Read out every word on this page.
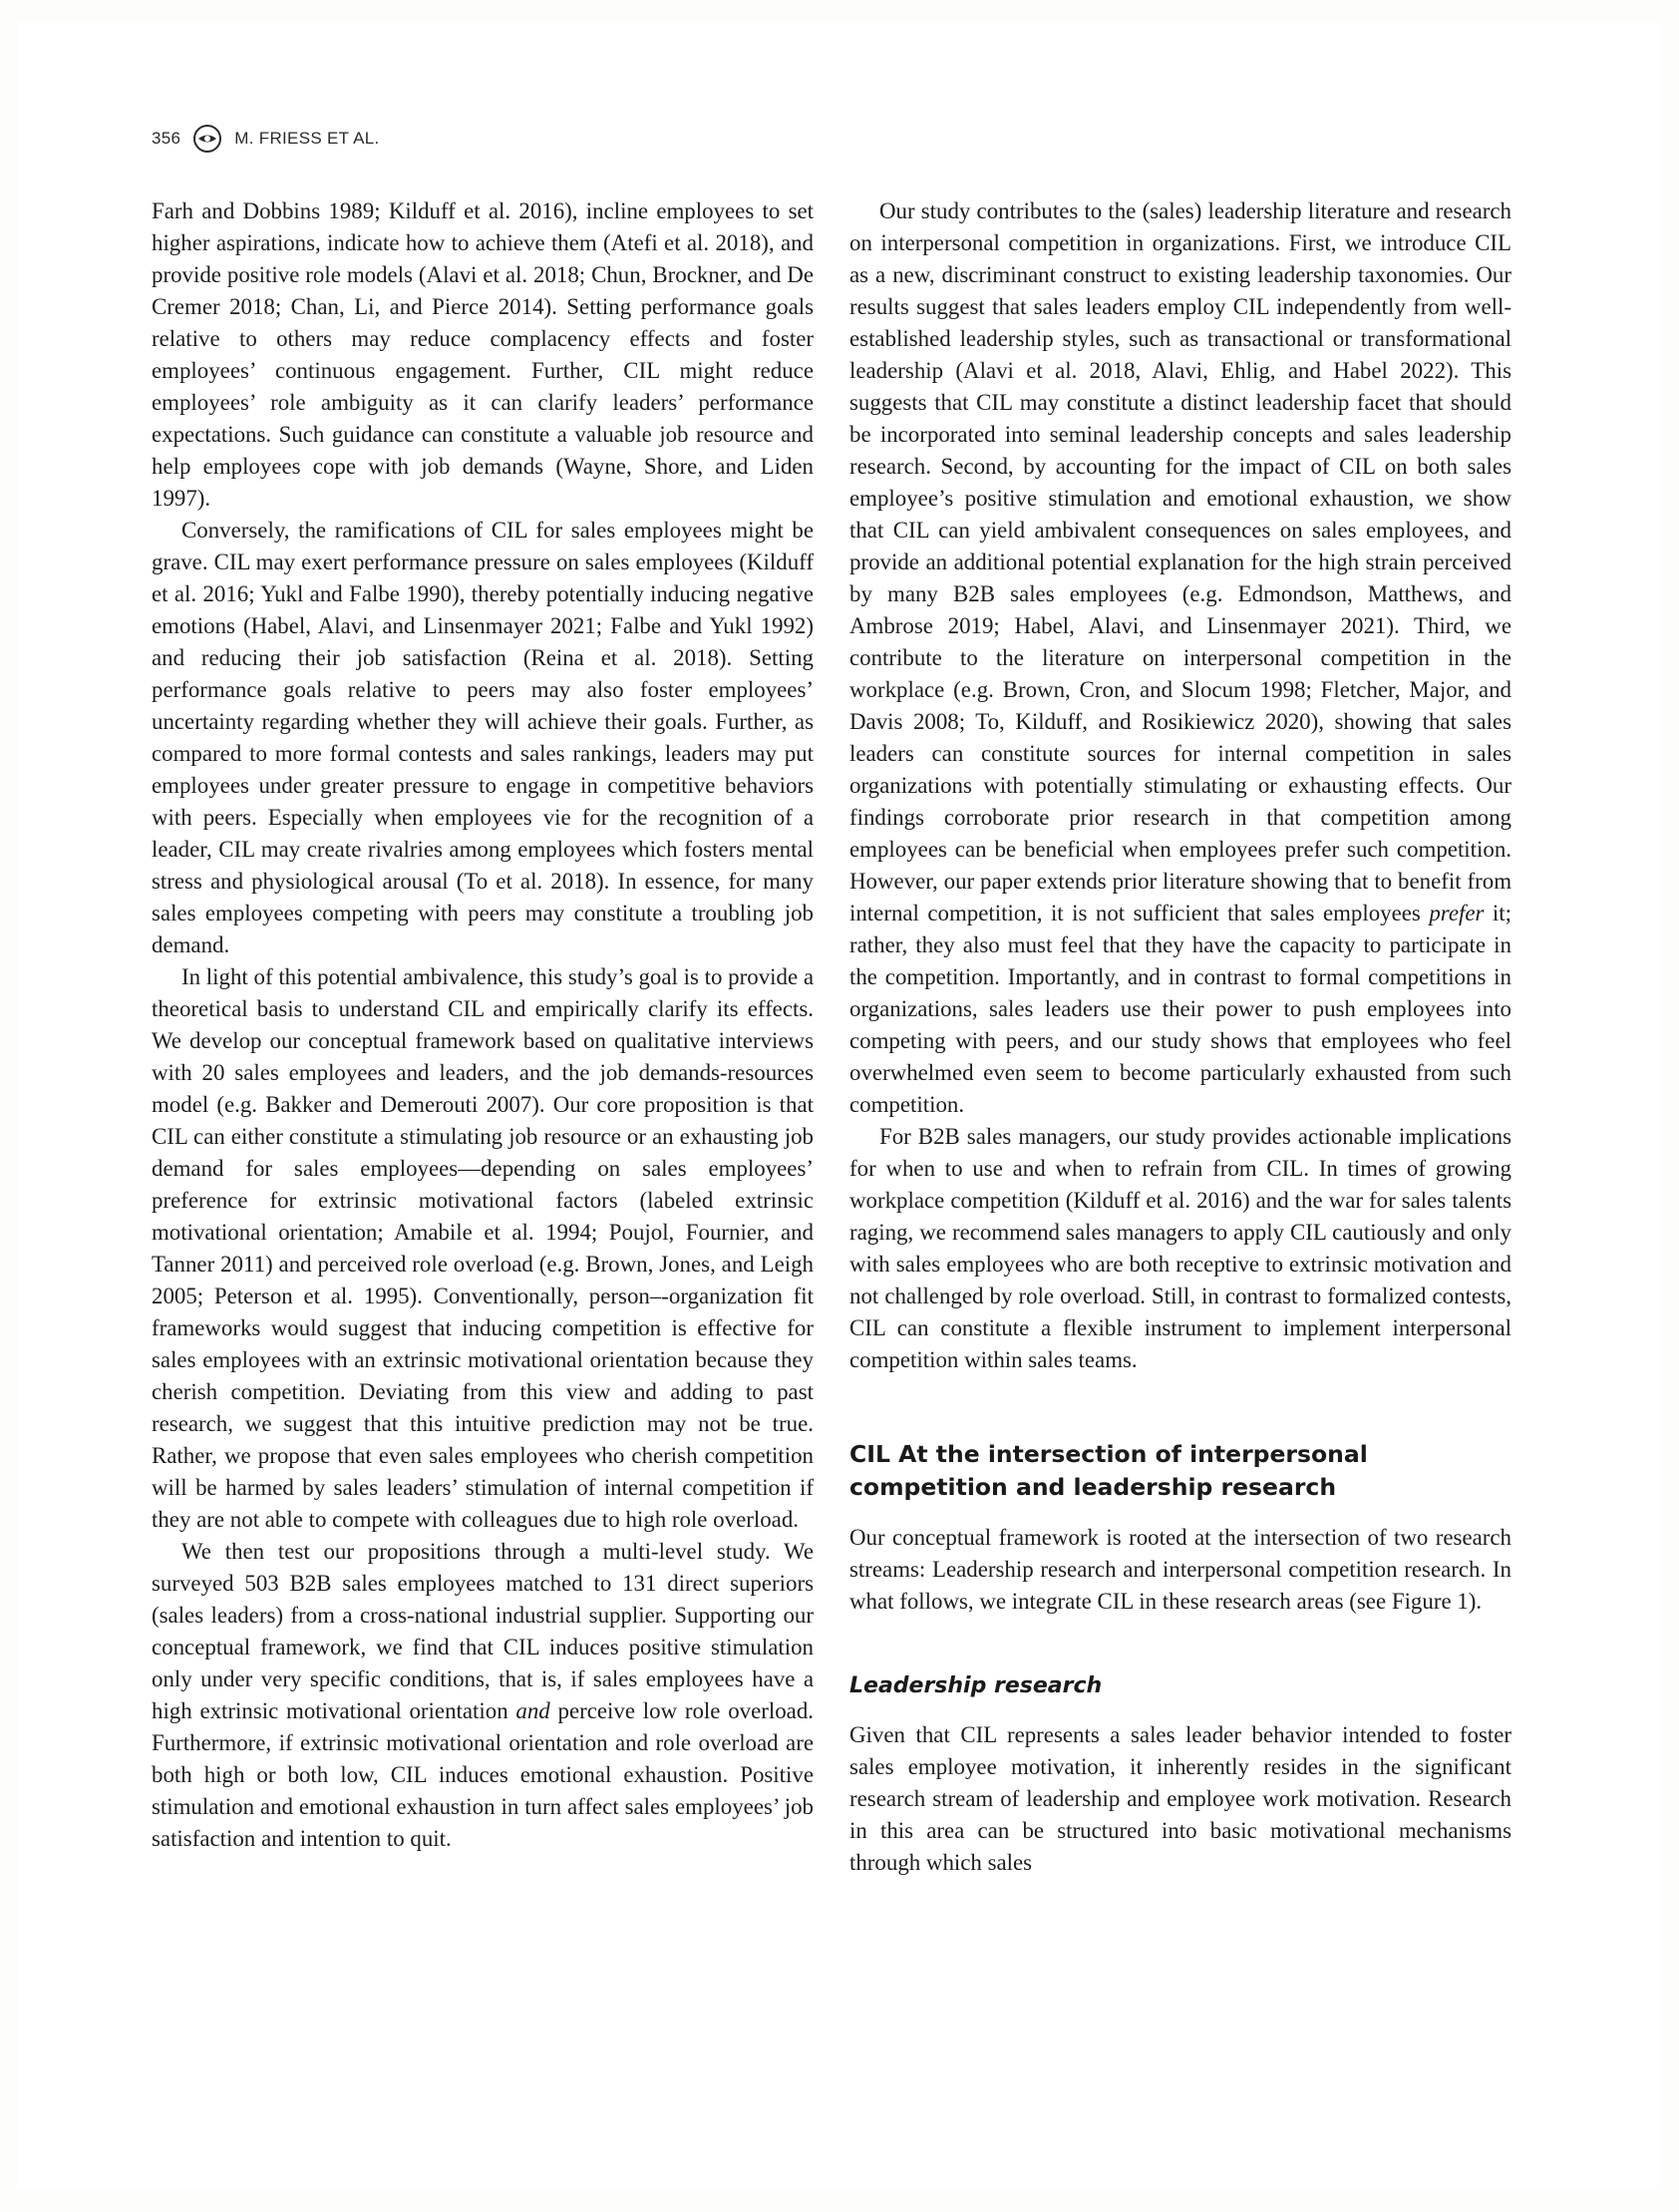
356	M. FRIESS ET AL.

Farh and Dobbins 1989; Kilduff et al. 2016), incline employees to set higher aspirations, indicate how to achieve them (Atefi et al. 2018), and provide positive role models (Alavi et al. 2018; Chun, Brockner, and De Cremer 2018; Chan, Li, and Pierce 2014). Setting performance goals relative to others may reduce complacency effects and foster employees’ continuous engagement. Further, CIL might reduce employees’ role ambiguity as it can clarify leaders’ performance expectations. Such guidance can constitute a valuable job resource and help employees cope with job demands (Wayne, Shore, and Liden 1997).

Conversely, the ramifications of CIL for sales employees might be grave. CIL may exert performance pressure on sales employees (Kilduff et al. 2016; Yukl and Falbe 1990), thereby potentially inducing negative emotions (Habel, Alavi, and Linsenmayer 2021; Falbe and Yukl 1992) and reducing their job satisfaction (Reina et al. 2018). Setting performance goals relative to peers may also foster employees’ uncertainty regarding whether they will achieve their goals. Further, as compared to more formal contests and sales rankings, leaders may put employees under greater pressure to engage in competitive behaviors with peers. Especially when employees vie for the recognition of a leader, CIL may create rivalries among employees which fosters mental stress and physiological arousal (To et al. 2018). In essence, for many sales employees competing with peers may constitute a troubling job demand.

In light of this potential ambivalence, this study’s goal is to provide a theoretical basis to understand CIL and empirically clarify its effects. We develop our conceptual framework based on qualitative interviews with 20 sales employees and leaders, and the job demands-resources model (e.g. Bakker and Demerouti 2007). Our core proposition is that CIL can either constitute a stimulating job resource or an exhausting job demand for sales employees—depending on sales employees’ preference for extrinsic motivational factors (labeled extrinsic motivational orientation; Amabile et al. 1994; Poujol, Fournier, and Tanner 2011) and perceived role overload (e.g. Brown, Jones, and Leigh 2005; Peterson et al. 1995). Conventionally, person–-organization fit frameworks would suggest that inducing competition is effective for sales employees with an extrinsic motivational orientation because they cherish competition. Deviating from this view and adding to past research, we suggest that this intuitive prediction may not be true. Rather, we propose that even sales employees who cherish competition will be harmed by sales leaders’ stimulation of internal competition if they are not able to compete with colleagues due to high role overload.

We then test our propositions through a multi-level study. We surveyed 503 B2B sales employees matched to 131 direct superiors (sales leaders) from a cross-national industrial supplier. Supporting our conceptual framework, we find that CIL induces positive stimulation only under very specific conditions, that is, if sales employees have a high extrinsic motivational orientation and perceive low role overload. Furthermore, if extrinsic motivational orientation and role overload are both high or both low, CIL induces emotional exhaustion. Positive stimulation and emotional exhaustion in turn affect sales employees’ job satisfaction and intention to quit.

Our study contributes to the (sales) leadership literature and research on interpersonal competition in organizations. First, we introduce CIL as a new, discriminant construct to existing leadership taxonomies. Our results suggest that sales leaders employ CIL independently from well-established leadership styles, such as transactional or transformational leadership (Alavi et al. 2018, Alavi, Ehlig, and Habel 2022). This suggests that CIL may constitute a distinct leadership facet that should be incorporated into seminal leadership concepts and sales leadership research. Second, by accounting for the impact of CIL on both sales employee’s positive stimulation and emotional exhaustion, we show that CIL can yield ambivalent consequences on sales employees, and provide an additional potential explanation for the high strain perceived by many B2B sales employees (e.g. Edmondson, Matthews, and Ambrose 2019; Habel, Alavi, and Linsenmayer 2021). Third, we contribute to the literature on interpersonal competition in the workplace (e.g. Brown, Cron, and Slocum 1998; Fletcher, Major, and Davis 2008; To, Kilduff, and Rosikiewicz 2020), showing that sales leaders can constitute sources for internal competition in sales organizations with potentially stimulating or exhausting effects. Our findings corroborate prior research in that competition among employees can be beneficial when employees prefer such competition. However, our paper extends prior literature showing that to benefit from internal competition, it is not sufficient that sales employees prefer it; rather, they also must feel that they have the capacity to participate in the competition. Importantly, and in contrast to formal competitions in organizations, sales leaders use their power to push employees into competing with peers, and our study shows that employees who feel overwhelmed even seem to become particularly exhausted from such competition.

For B2B sales managers, our study provides actionable implications for when to use and when to refrain from CIL. In times of growing workplace competition (Kilduff et al. 2016) and the war for sales talents raging, we recommend sales managers to apply CIL cautiously and only with sales employees who are both receptive to extrinsic motivation and not challenged by role overload. Still, in contrast to formalized contests, CIL can constitute a flexible instrument to implement interpersonal competition within sales teams.

CIL At the intersection of interpersonal competition and leadership research

Our conceptual framework is rooted at the intersection of two research streams: Leadership research and interpersonal competition research. In what follows, we integrate CIL in these research areas (see Figure 1).

Leadership research

Given that CIL represents a sales leader behavior intended to foster sales employee motivation, it inherently resides in the significant research stream of leadership and employee work motivation. Research in this area can be structured into basic motivational mechanisms through which sales
